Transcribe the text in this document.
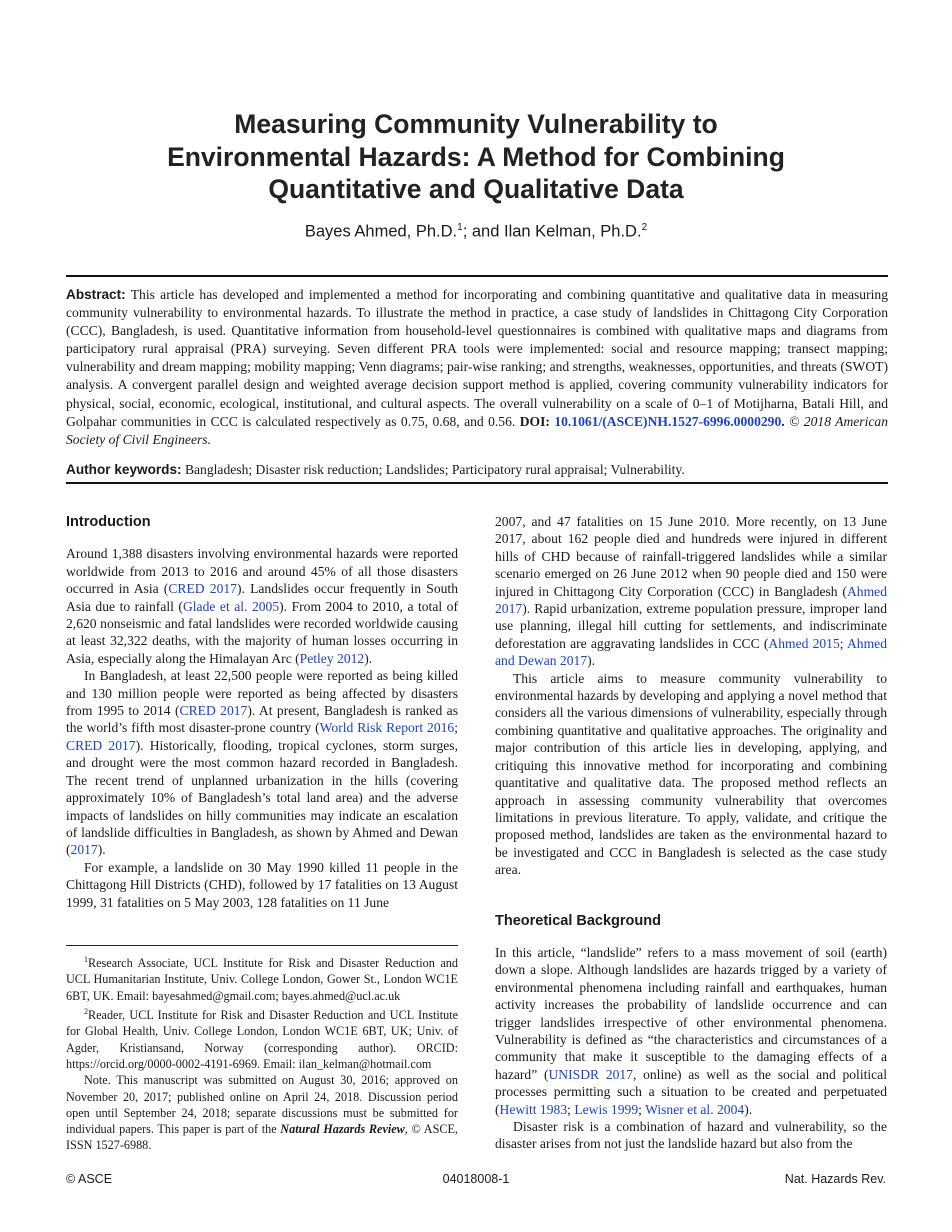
Measuring Community Vulnerability to
Environmental Hazards: A Method for Combining
Quantitative and Qualitative Data
Bayes Ahmed, Ph.D.$^1$; and Ilan Kelman, Ph.D.$^2$
Abstract: This article has developed and implemented a method for incorporating and combining quantitative and qualitative data in measuring community vulnerability to environmental hazards. To illustrate the method in practice, a case study of landslides in Chittagong City Corporation (CCC), Bangladesh, is used. Quantitative information from household-level questionnaires is combined with qualitative maps and diagrams from participatory rural appraisal (PRA) surveying. Seven different PRA tools were implemented: social and resource mapping; transect mapping; vulnerability and dream mapping; mobility mapping; Venn diagrams; pair-wise ranking; and strengths, weaknesses, opportunities, and threats (SWOT) analysis. A convergent parallel design and weighted average decision support method is applied, covering community vulnerability indicators for physical, social, economic, ecological, institutional, and cultural aspects. The overall vulnerability on a scale of 0–1 of Motijharna, Batali Hill, and Golpahar communities in CCC is calculated respectively as 0.75, 0.68, and 0.56. DOI: 10.1061/(ASCE)NH.1527-6996.0000290. © 2018 American Society of Civil Engineers.
Author keywords: Bangladesh; Disaster risk reduction; Landslides; Participatory rural appraisal; Vulnerability.
Introduction

Around 1,388 disasters involving environmental hazards were reported worldwide from 2013 to 2016 and around 45% of all those disasters occurred in Asia (CRED 2017). Landslides occur frequently in South Asia due to rainfall (Glade et al. 2005). From 2004 to 2010, a total of 2,620 nonseismic and fatal landslides were recorded worldwide causing at least 32,322 deaths, with the majority of human losses occurring in Asia, especially along the Himalayan Arc (Petley 2012).

In Bangladesh, at least 22,500 people were reported as being killed and 130 million people were reported as being affected by disasters from 1995 to 2014 (CRED 2017). At present, Bangladesh is ranked as the world’s fifth most disaster-prone country (World Risk Report 2016; CRED 2017). Historically, flooding, tropical cyclones, storm surges, and drought were the most common hazard recorded in Bangladesh. The recent trend of unplanned urbanization in the hills (covering approximately 10% of Bangladesh’s total land area) and the adverse impacts of landslides on hilly communities may indicate an escalation of landslide difficulties in Bangladesh, as shown by Ahmed and Dewan (2017).

For example, a landslide on 30 May 1990 killed 11 people in the Chittagong Hill Districts (CHD), followed by 17 fatalities on 13 August 1999, 31 fatalities on 5 May 2003, 128 fatalities on 11 June

2007, and 47 fatalities on 15 June 2010. More recently, on 13 June 2017, about 162 people died and hundreds were injured in different hills of CHD because of rainfall-triggered landslides while a similar scenario emerged on 26 June 2012 when 90 people died and 150 were injured in Chittagong City Corporation (CCC) in Bangladesh (Ahmed 2017). Rapid urbanization, extreme population pressure, improper land use planning, illegal hill cutting for settlements, and indiscriminate deforestation are aggravating landslides in CCC (Ahmed 2015; Ahmed and Dewan 2017).

This article aims to measure community vulnerability to environmental hazards by developing and applying a novel method that considers all the various dimensions of vulnerability, especially through combining quantitative and qualitative approaches. The originality and major contribution of this article lies in developing, applying, and critiquing this innovative method for incorporating and combining quantitative and qualitative data. The proposed method reflects an approach in assessing community vulnerability that overcomes limitations in previous literature. To apply, validate, and critique the proposed method, landslides are taken as the environmental hazard to be investigated and CCC in Bangladesh is selected as the case study area.

Theoretical Background

In this article, “landslide” refers to a mass movement of soil (earth) down a slope. Although landslides are hazards trigged by a variety of environmental phenomena including rainfall and earthquakes, human activity increases the probability of landslide occurrence and can trigger landslides irrespective of other environmental phenomena. Vulnerability is defined as “the characteristics and circumstances of a community that make it susceptible to the damaging effects of a hazard” (UNISDR 2017, online) as well as the social and political processes permitting such a situation to be created and perpetuated (Hewitt 1983; Lewis 1999; Wisner et al. 2004).

Disaster risk is a combination of hazard and vulnerability, so the disaster arises from not just the landslide hazard but also from the

$^1$Research Associate, UCL Institute for Risk and Disaster Reduction and UCL Humanitarian Institute, Univ. College London, Gower St., London WC1E 6BT, UK. Email: bayesahmed@gmail.com; bayes.ahmed@ucl.ac.uk

$^2$Reader, UCL Institute for Risk and Disaster Reduction and UCL Institute for Global Health, Univ. College London, London WC1E 6BT, UK; Univ. of Agder, Kristiansand, Norway (corresponding author). ORCID: https://orcid.org/0000-0002-4191-6969. Email: ilan_kelman@hotmail.com

Note. This manuscript was submitted on August 30, 2016; approved on November 20, 2017; published online on April 24, 2018. Discussion period open until September 24, 2018; separate discussions must be submitted for individual papers. This paper is part of the Natural Hazards Review, © ASCE, ISSN 1527-6988.

© ASCE	04018008-1	Nat. Hazards Rev.
